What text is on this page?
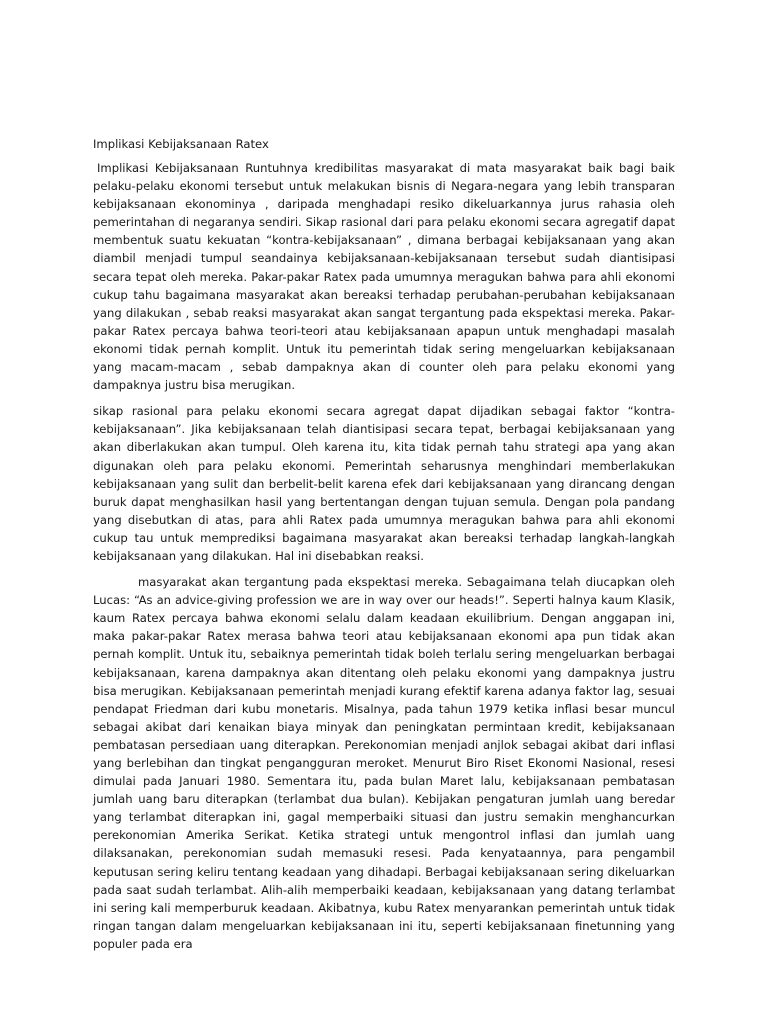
Implikasi Kebijaksanaan Ratex

Implikasi Kebijaksanaan Runtuhnya kredibilitas masyarakat di mata masyarakat baik bagi baik pelaku-pelaku ekonomi tersebut untuk melakukan bisnis di Negara-negara yang lebih transparan kebijaksanaan ekonominya , daripada menghadapi resiko dikeluarkannya jurus rahasia oleh pemerintahan di negaranya sendiri. Sikap rasional dari para pelaku ekonomi secara agregatif dapat membentuk suatu kekuatan “kontra-kebijaksanaan” , dimana berbagai kebijaksanaan yang akan diambil menjadi tumpul seandainya kebijaksanaan-kebijaksanaan tersebut sudah diantisipasi secara tepat oleh mereka. Pakar-pakar Ratex pada umumnya meragukan bahwa para ahli ekonomi cukup tahu bagaimana masyarakat akan bereaksi terhadap perubahan-perubahan kebijaksanaan yang dilakukan , sebab reaksi masyarakat akan sangat tergantung pada ekspektasi mereka. Pakar-pakar Ratex percaya bahwa teori-teori atau kebijaksanaan apapun untuk menghadapi masalah ekonomi tidak pernah komplit. Untuk itu pemerintah tidak sering mengeluarkan kebijaksanaan yang macam-macam , sebab dampaknya akan di counter oleh para pelaku ekonomi yang dampaknya justru bisa merugikan.

sikap rasional para pelaku ekonomi secara agregat dapat dijadikan sebagai faktor “kontra-kebijaksanaan”. Jika kebijaksanaan telah diantisipasi secara tepat, berbagai kebijaksanaan yang akan diberlakukan akan tumpul. Oleh karena itu, kita tidak pernah tahu strategi apa yang akan digunakan oleh para pelaku ekonomi. Pemerintah seharusnya menghindari memberlakukan kebijaksanaan yang sulit dan berbelit-belit karena efek dari kebijaksanaan yang dirancang dengan buruk dapat menghasilkan hasil yang bertentangan dengan tujuan semula. Dengan pola pandang yang disebutkan di atas, para ahli Ratex pada umumnya meragukan bahwa para ahli ekonomi cukup tau untuk memprediksi bagaimana masyarakat akan bereaksi terhadap langkah-langkah kebijaksanaan yang dilakukan. Hal ini disebabkan reaksi.

masyarakat akan tergantung pada ekspektasi mereka. Sebagaimana telah diucapkan oleh Lucas: “As an advice-giving profession we are in way over our heads!”. Seperti halnya kaum Klasik, kaum Ratex percaya bahwa ekonomi selalu dalam keadaan ekuilibrium. Dengan anggapan ini, maka pakar-pakar Ratex merasa bahwa teori atau kebijaksanaan ekonomi apa pun tidak akan pernah komplit. Untuk itu, sebaiknya pemerintah tidak boleh terlalu sering mengeluarkan berbagai kebijaksanaan, karena dampaknya akan ditentang oleh pelaku ekonomi yang dampaknya justru bisa merugikan. Kebijaksanaan pemerintah menjadi kurang efektif karena adanya faktor lag, sesuai pendapat Friedman dari kubu monetaris. Misalnya, pada tahun 1979 ketika inflasi besar muncul sebagai akibat dari kenaikan biaya minyak dan peningkatan permintaan kredit, kebijaksanaan pembatasan persediaan uang diterapkan. Perekonomian menjadi anjlok sebagai akibat dari inflasi yang berlebihan dan tingkat pengangguran meroket. Menurut Biro Riset Ekonomi Nasional, resesi dimulai pada Januari 1980. Sementara itu, pada bulan Maret lalu, kebijaksanaan pembatasan jumlah uang baru diterapkan (terlambat dua bulan). Kebijakan pengaturan jumlah uang beredar yang terlambat diterapkan ini, gagal memperbaiki situasi dan justru semakin menghancurkan perekonomian Amerika Serikat. Ketika strategi untuk mengontrol inflasi dan jumlah uang dilaksanakan, perekonomian sudah memasuki resesi. Pada kenyataannya, para pengambil keputusan sering keliru tentang keadaan yang dihadapi. Berbagai kebijaksanaan sering dikeluarkan pada saat sudah terlambat. Alih-alih memperbaiki keadaan, kebijaksanaan yang datang terlambat ini sering kali memperburuk keadaan. Akibatnya, kubu Ratex menyarankan pemerintah untuk tidak ringan tangan dalam mengeluarkan kebijaksanaan ini itu, seperti kebijaksanaan finetunning yang populer pada era
